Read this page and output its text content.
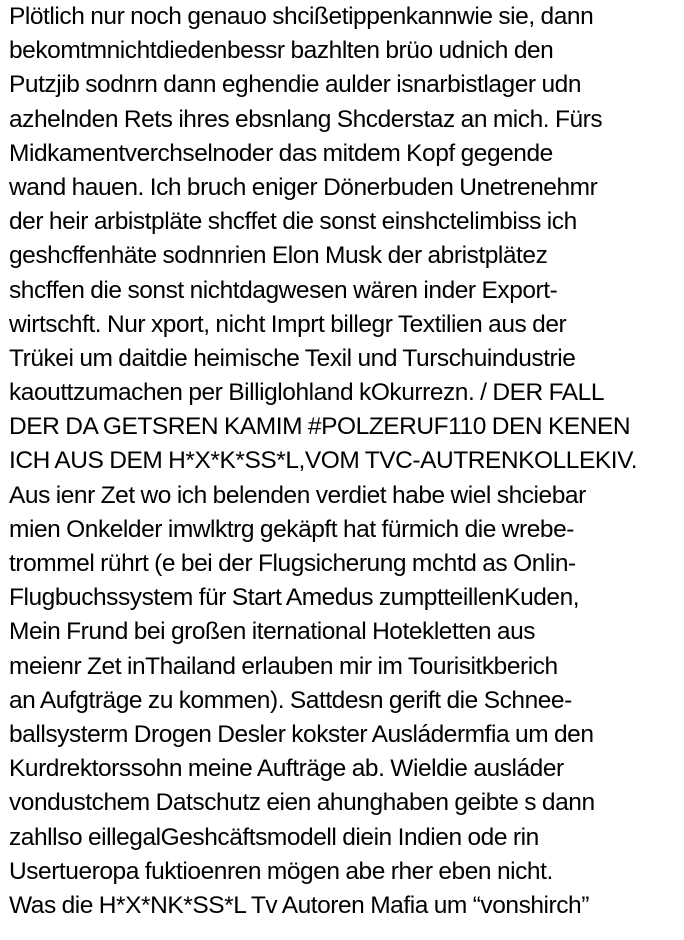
Plötlich nur noch genauo shcißetippenkannwie sie, dann
bekomtmnichtdiedenbessr bazhlten brüo udnich den
Putzjib sodnrn dann eghendie aulder isnarbistlager udn
azhelnden Rets ihres ebsnlang Shcderstaz an mich. Fürs
Midkamentverchselnoder das mitdem Kopf gegende
wand hauen. Ich bruch eniger Dönerbuden Unetrenehmr
der heir arbistpläte shcffet die sonst einshctelimbiss ich
geshcffenhäte sodnnrien Elon Musk der abristplätez
shcffen die sonst nichtdagwesen wären inder Export-
wirtschft. Nur xport, nicht Imprt billegr Textilien aus der
Trükei um daitdie heimische Texil und Turschuindustrie
kaouttzumachen per Billiglohland kOkurrezn. / DER FALL
DER DA GETSREN KAMIM #POLZERUF110 DEN KENEN
ICH AUS DEM H*X*K*SS*L,VOM TVC-AUTRENKOLLEKIV.
Aus ienr Zet wo ich belenden verdiet habe wiel shciebar
mien Onkelder imwlktrg gekäpft hat fürmich die wrebe-
trommel rührt (e bei der Flugsicherung mchtd as Onlin-
Flugbuchssystem für Start Amedus zumptteillenKuden,
Mein Frund bei großen iternational Hotekletten aus
meienr Zet inThailand erlauben mir im Tourisitkberich
an Aufgträge zu kommen). Sattdesn gerift die Schnee-
ballsysterm Drogen Desler kokster Ausládermfia um den
Kurdrektorssohn meine Aufträge ab. Wieldie ausláder
vondustchem Datschutz eien ahunghaben geibte s dann
zahllso eillegalGeshcäftsmodell diein Indien ode rin
Usertueropa fuktioenren mögen abe rher eben nicht.
Was die H*X*NK*SS*L Tv Autoren Mafia um “vonshirch”
